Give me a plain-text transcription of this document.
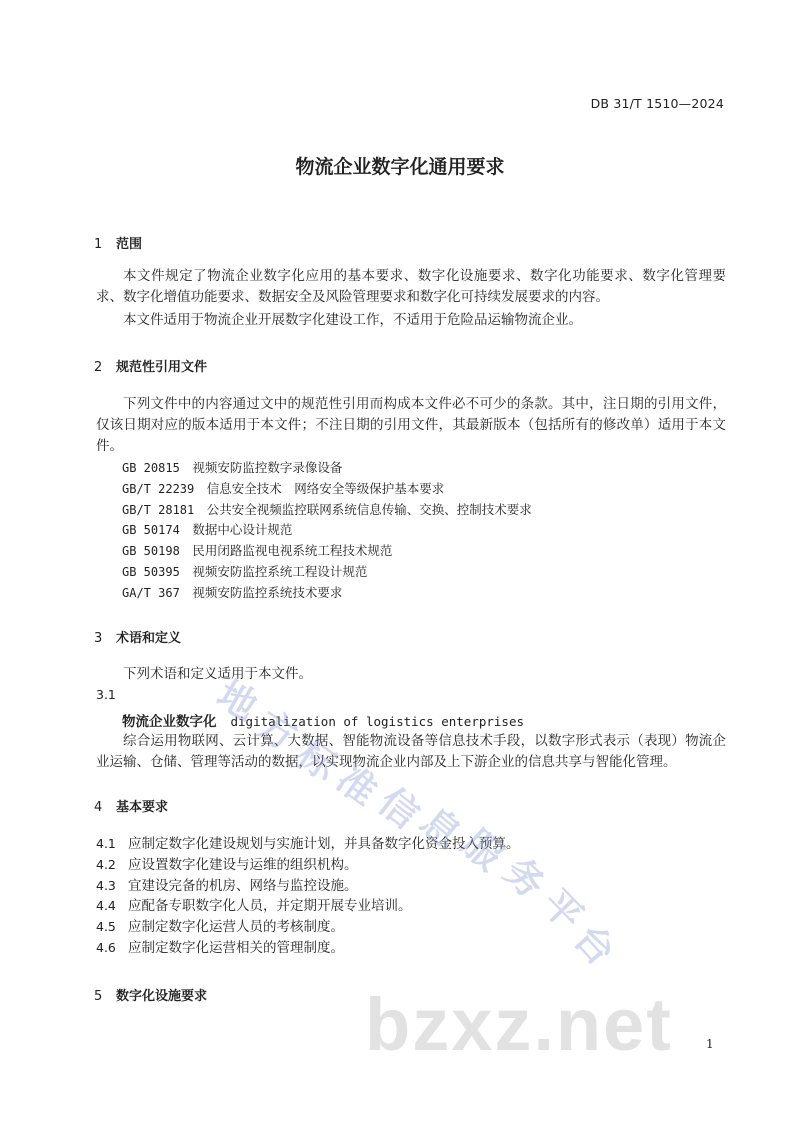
DB 31/T 1510—2024
物流企业数字化通用要求
1 范围
本文件规定了物流企业数字化应用的基本要求、数字化设施要求、数字化功能要求、数字化管理要求、数字化增值功能要求、数据安全及风险管理要求和数字化可持续发展要求的内容。
本文件适用于物流企业开展数字化建设工作，不适用于危险品运输物流企业。
2 规范性引用文件
下列文件中的内容通过文中的规范性引用而构成本文件必不可少的条款。其中，注日期的引用文件，仅该日期对应的版本适用于本文件；不注日期的引用文件，其最新版本（包括所有的修改单）适用于本文件。
GB 20815　 视频安防监控数字录像设备
GB/T 22239　 信息安全技术　网络安全等级保护基本要求
GB/T 28181　 公共安全视频监控联网系统信息传输、交换、控制技术要求
GB 50174　 数据中心设计规范
GB 50198　 民用闭路监视电视系统工程技术规范
GB 50395　 视频安防监控系统工程设计规范
GA/T 367　 视频安防监控系统技术要求
3 术语和定义
下列术语和定义适用于本文件。
3.1
物流企业数字化 digitalization of logistics enterprises
综合运用物联网、云计算、大数据、智能物流设备等信息技术手段，以数字形式表示（表现）物流企业运输、仓储、管理等活动的数据，以实现物流企业内部及上下游企业的信息共享与智能化管理。
4 基本要求
4.1 应制定数字化建设规划与实施计划，并具备数字化资金投入预算。
4.2 应设置数字化建设与运维的组织机构。
4.3 宜建设完备的机房、网络与监控设施。
4.4 应配备专职数字化人员，并定期开展专业培训。
4.5 应制定数字化运营人员的考核制度。
4.6 应制定数字化运营相关的管理制度。
5 数字化设施要求
1
地
方
标
准
信
息
服
务
平
台
bzxz.net
